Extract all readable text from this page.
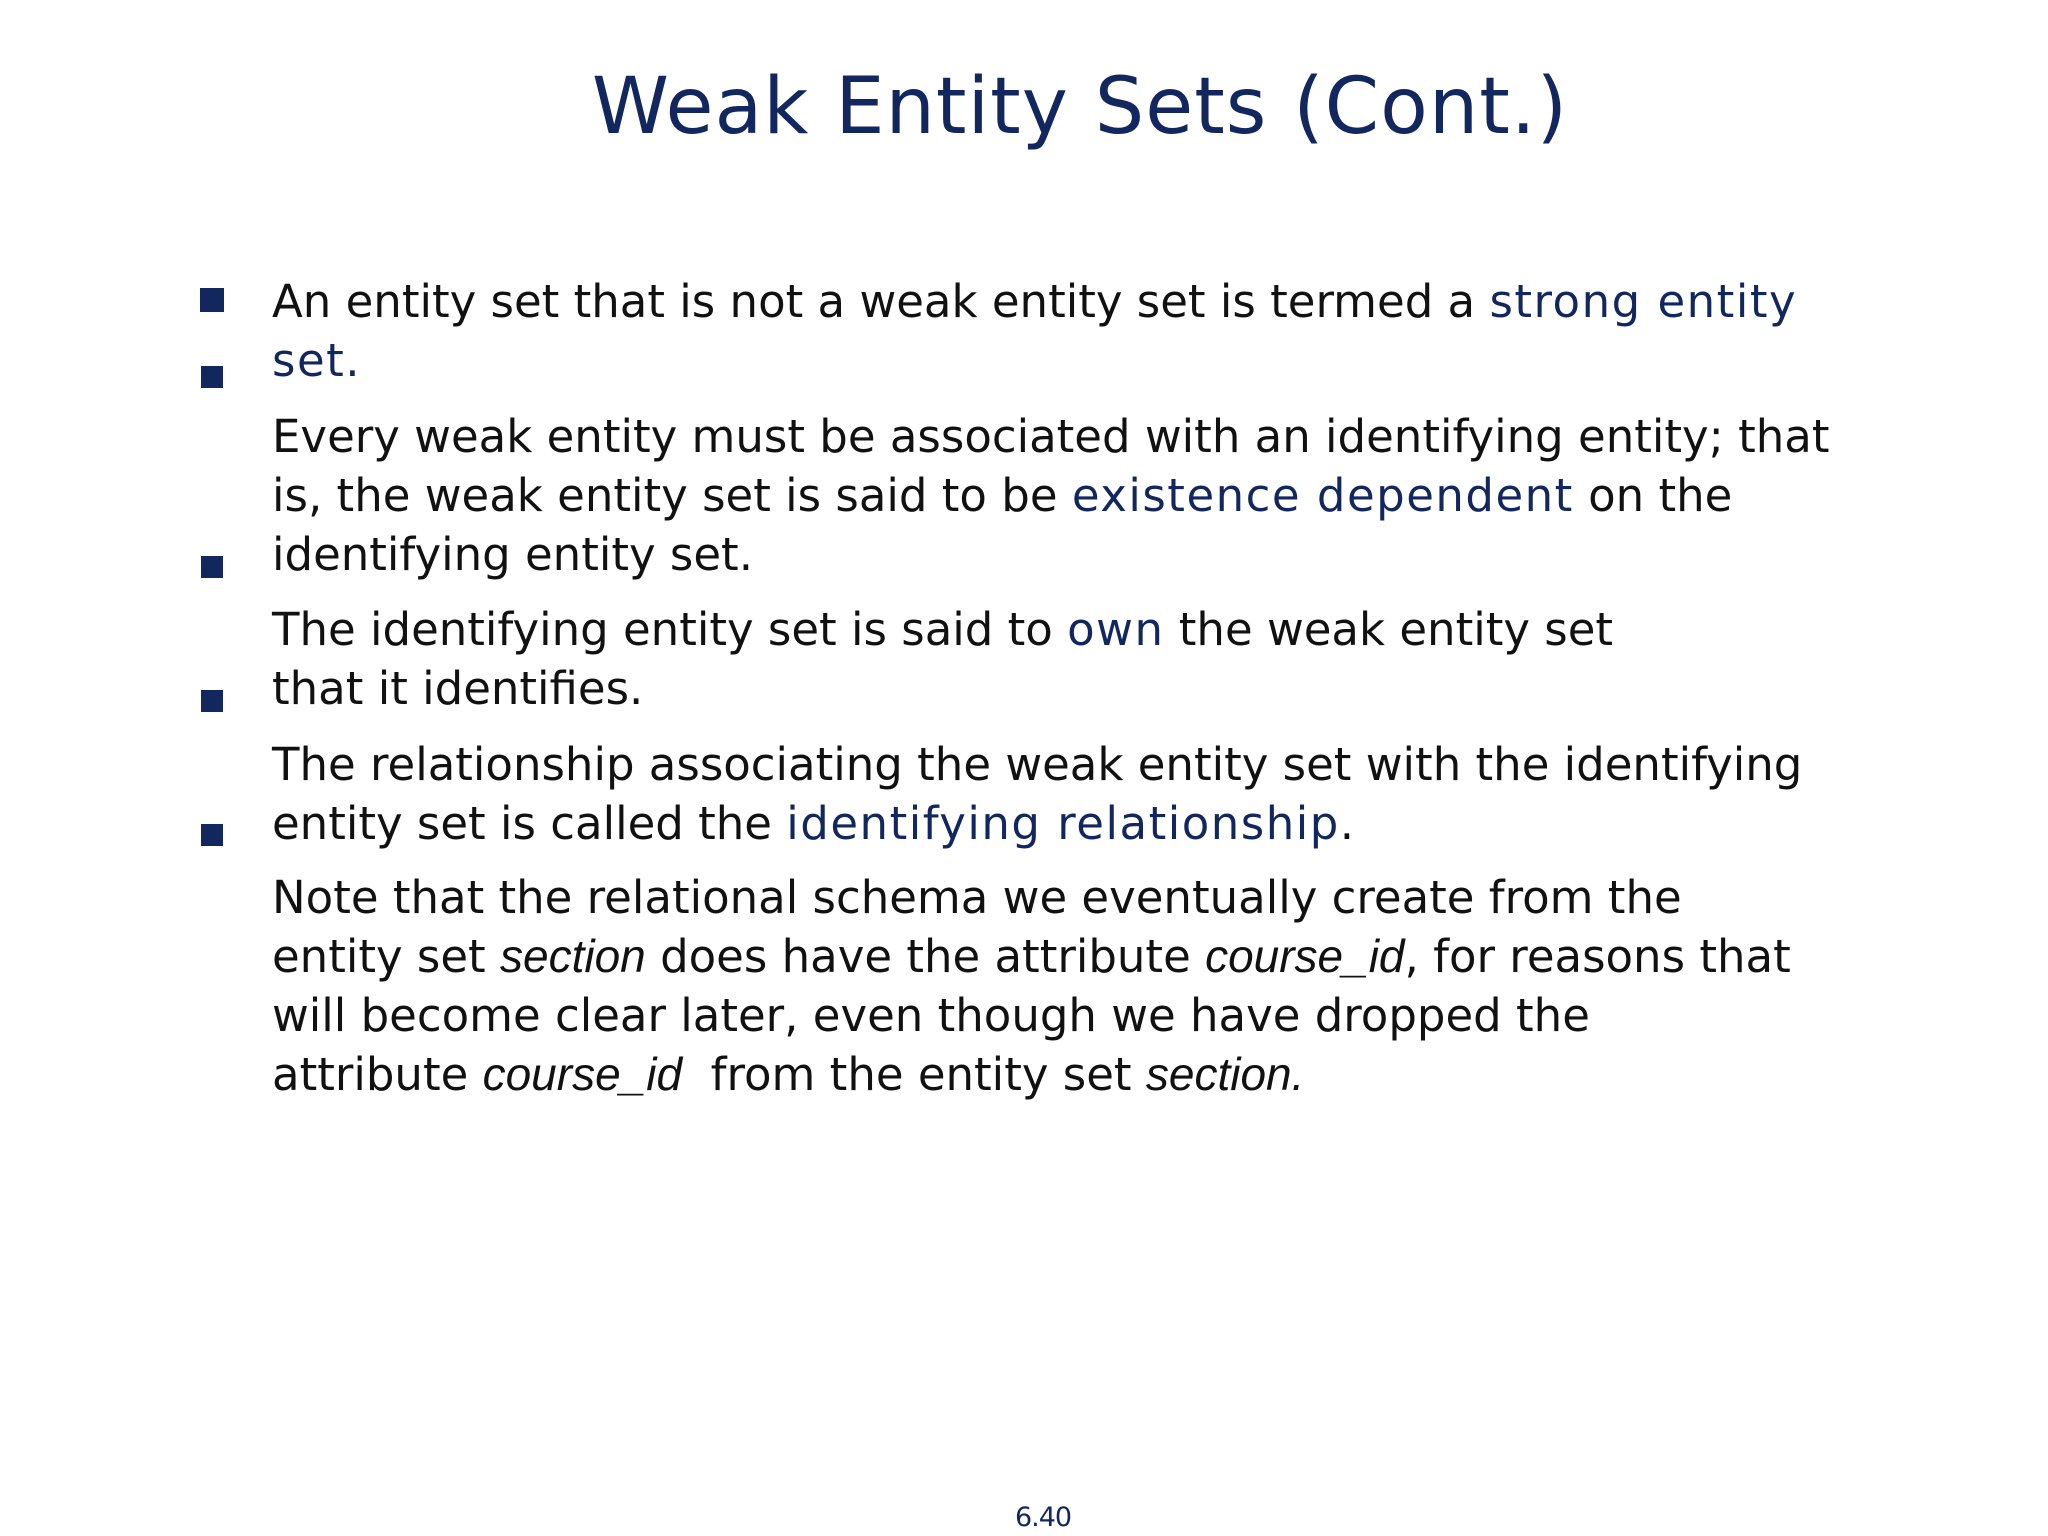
Weak Entity Sets (Cont.)
An entity set that is not a weak entity set is termed a strong entity set.
Every weak entity must be associated with an identifying entity; that is, the weak entity set is said to be existence dependent on the identifying entity set.
The identifying entity set is said to own the weak entity set that it identifies.
The relationship associating the weak entity set with the identifying entity set is called the identifying relationship.
Note that the relational schema we eventually create from the entity set section does have the attribute course_id, for reasons that will become clear later, even though we have dropped the attribute course_id  from the entity set section.
6.40
